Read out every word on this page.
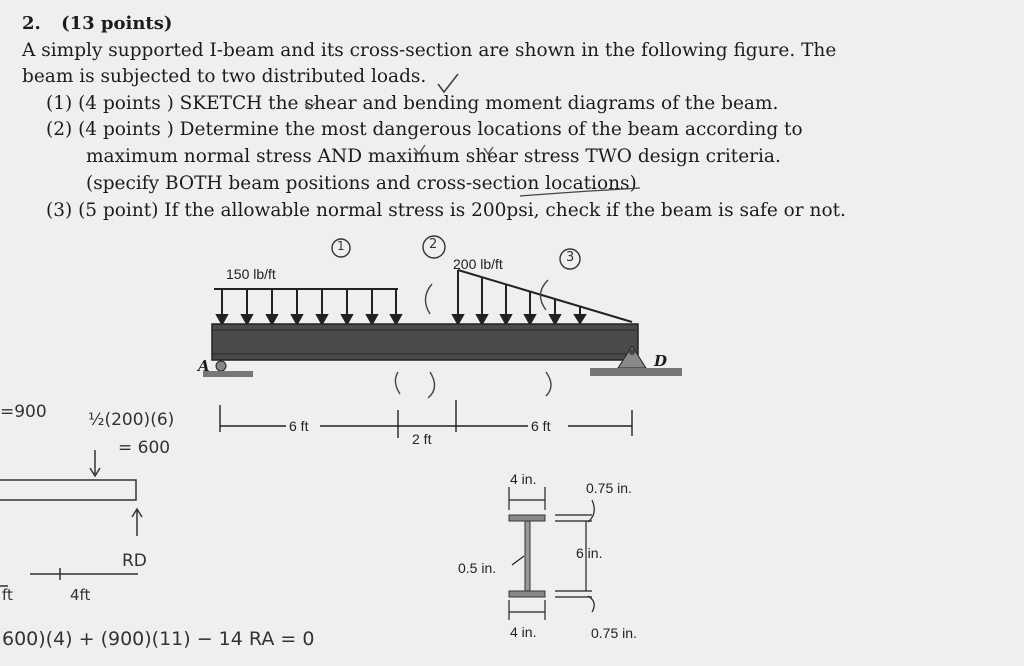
2. (13 points)
A simply supported I-beam and its cross-section are shown in the following figure. The
beam is subjected to two distributed loads.
(1) (4 points ) SKETCH the shear and bending moment diagrams of the beam.
(2) (4 points ) Determine the most dangerous locations of the beam according to
maximum normal stress AND maximum shear stress TWO design criteria.
(specify BOTH beam positions and cross-section locations)
(3) (5 point) If the allowable normal stress is 200psi, check if the beam is safe or not.
150 lb/ft
200 lb/ft
A	D
6 ft
2 ft
6 ft
4 in.
4 in.
0.75 in.
0.75 in.
6 in.
0.5 in.
1	2
3
=900 ½(200)(6)
= 600
RD
ft	4ft
600)(4) + (900)(11) − 14 RA = 0
